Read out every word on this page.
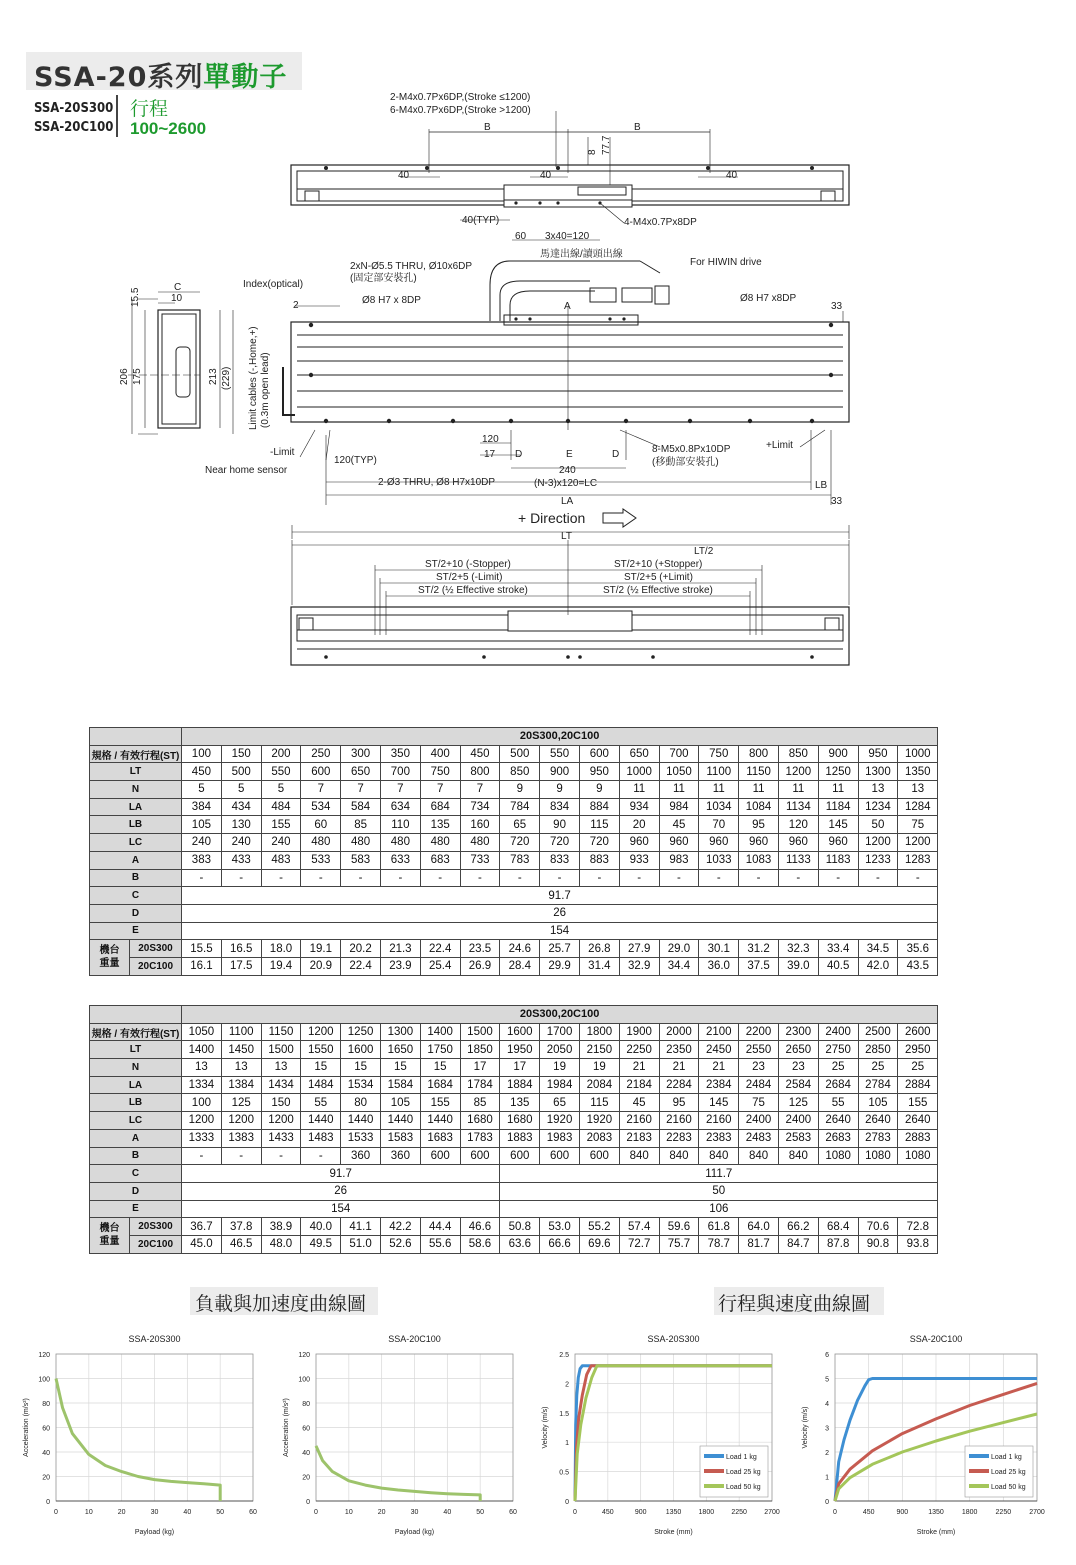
SSA-20系列單動子
SSA-20S300
SSA-20C100
行程
100~2600
2-M4x0.7Px6DP,(Stroke ≤1200)
6-M4x0.7Px6DP,(Stroke >1200)
B	B
40	40	40
8 77.7
40(TYP)
60 3x40=120
4-M4x0.7Px8DP
C
10
15.5
206 175	213 (229) Limit cables (-,Home,+) (0.3m open lead)
馬達出線/讀頭出線
For HIWIN drive
2xN-Ø5.5 THRU, Ø10x6DP
(固定部安裝孔)
Index(optical)
2	Ø8 H7 x 8DP
A
Ø8 H7 x8DP
33
-Limit
Near home sensor
120(TYP)
120
17 D	E	D	8-M5x0.8Px10DP
(移動部安裝孔)
+Limit
240
2-Ø3 THRU, Ø8 H7x10DP	(N-3)x120=LC	LB
33
LA
+ Direction
LT
LT/2
ST/2+10 (-Stopper)	ST/2+10 (+Stopper)
ST/2+5 (-Limit)	ST/2+5 (+Limit)
ST/2 (½ Effective stroke)	ST/2 (½ Effective stroke)
		20S300,20C100																		
規格 / 有效行程(ST)		100	150	200	250	300	350	400	450	500	550	600	650	700	750	800	850	900	950	1000
LT		450	500	550	600	650	700	750	800	850	900	950	1000	1050	1100	1150	1200	1250	1300	1350
N		5	5	5	7	7	7	7	7	9	9	9	11	11	11	11	11	11	13	13
LA		384	434	484	534	584	634	684	734	784	834	884	934	984	1034	1084	1134	1184	1234	1284
LB		105	130	155	60	85	110	135	160	65	90	115	20	45	70	95	120	145	50	75
LC		240	240	240	480	480	480	480	480	720	720	720	960	960	960	960	960	960	1200	1200
A		383	433	483	533	583	633	683	733	783	833	883	933	983	1033	1083	1133	1183	1233	1283
B		-	-	-	-	-	-	-	-	-	-	-	-	-	-	-	-	-	-	-
C		91.7																		
D		26																		
E		154																		
機台
重量	20S300	15.5	16.5	18.0	19.1	20.2	21.3	22.4	23.5	24.6	25.7	26.8	27.9	29.0	30.1	31.2	32.3	33.4	34.5	35.6
	20C100	16.1	17.5	19.4	20.9	22.4	23.9	25.4	26.9	28.4	29.9	31.4	32.9	34.4	36.0	37.5	39.0	40.5	42.0	43.5
		20S300,20C100																		
規格 / 有效行程(ST)		1050	1100	1150	1200	1250	1300	1400	1500	1600	1700	1800	1900	2000	2100	2200	2300	2400	2500	2600
LT		1400	1450	1500	1550	1600	1650	1750	1850	1950	2050	2150	2250	2350	2450	2550	2650	2750	2850	2950
N		13	13	13	15	15	15	15	17	17	19	19	21	21	21	23	23	25	25	25
LA		1334	1384	1434	1484	1534	1584	1684	1784	1884	1984	2084	2184	2284	2384	2484	2584	2684	2784	2884
LB		100	125	150	55	80	105	155	85	135	65	115	45	95	145	75	125	55	105	155
LC		1200	1200	1200	1440	1440	1440	1440	1680	1680	1920	1920	2160	2160	2160	2400	2400	2640	2640	2640
A		1333	1383	1433	1483	1533	1583	1683	1783	1883	1983	2083	2183	2283	2383	2483	2583	2683	2783	2883
B		-	-	-	-	360	360	600	600	600	600	600	840	840	840	840	840	1080	1080	1080
C		91.7								111.7										
D		26								50										
E		154								106										
機台
重量	20S300	36.7	37.8	38.9	40.0	41.1	42.2	44.4	46.6	50.8	53.0	55.2	57.4	59.6	61.8	64.0	66.2	68.4	70.6	72.8
	20C100	45.0	46.5	48.0	49.5	51.0	52.6	55.6	58.6	63.6	66.6	69.6	72.7	75.7	78.7	81.7	84.7	87.8	90.8	93.8
負載與加速度曲線圖	行程與速度曲線圖
SSA-20S300
0
20
40
60
80
100
120
0	10	20	30	40	50	60
Payload (kg)
Acceleration (m/s²)
SSA-20C100
0
20
40
60
80
100
120
0	10	20	30	40	50	60
Payload (kg)
Acceleration (m/s²)
SSA-20S300
0
0.5
1
1.5
2
2.5
0	450	900	1350 1800 2250 2700
Stroke (mm)
Velocity (m/s)
Load 1 kg
Load 25 kg
Load 50 kg
SSA-20C100
0
1
2
3
4
5
6
0	450	900	1350	1800	2250	2700
Stroke (mm)
Velocity (m/s)
Load 1 kg
Load 25 kg
Load 50 kg
